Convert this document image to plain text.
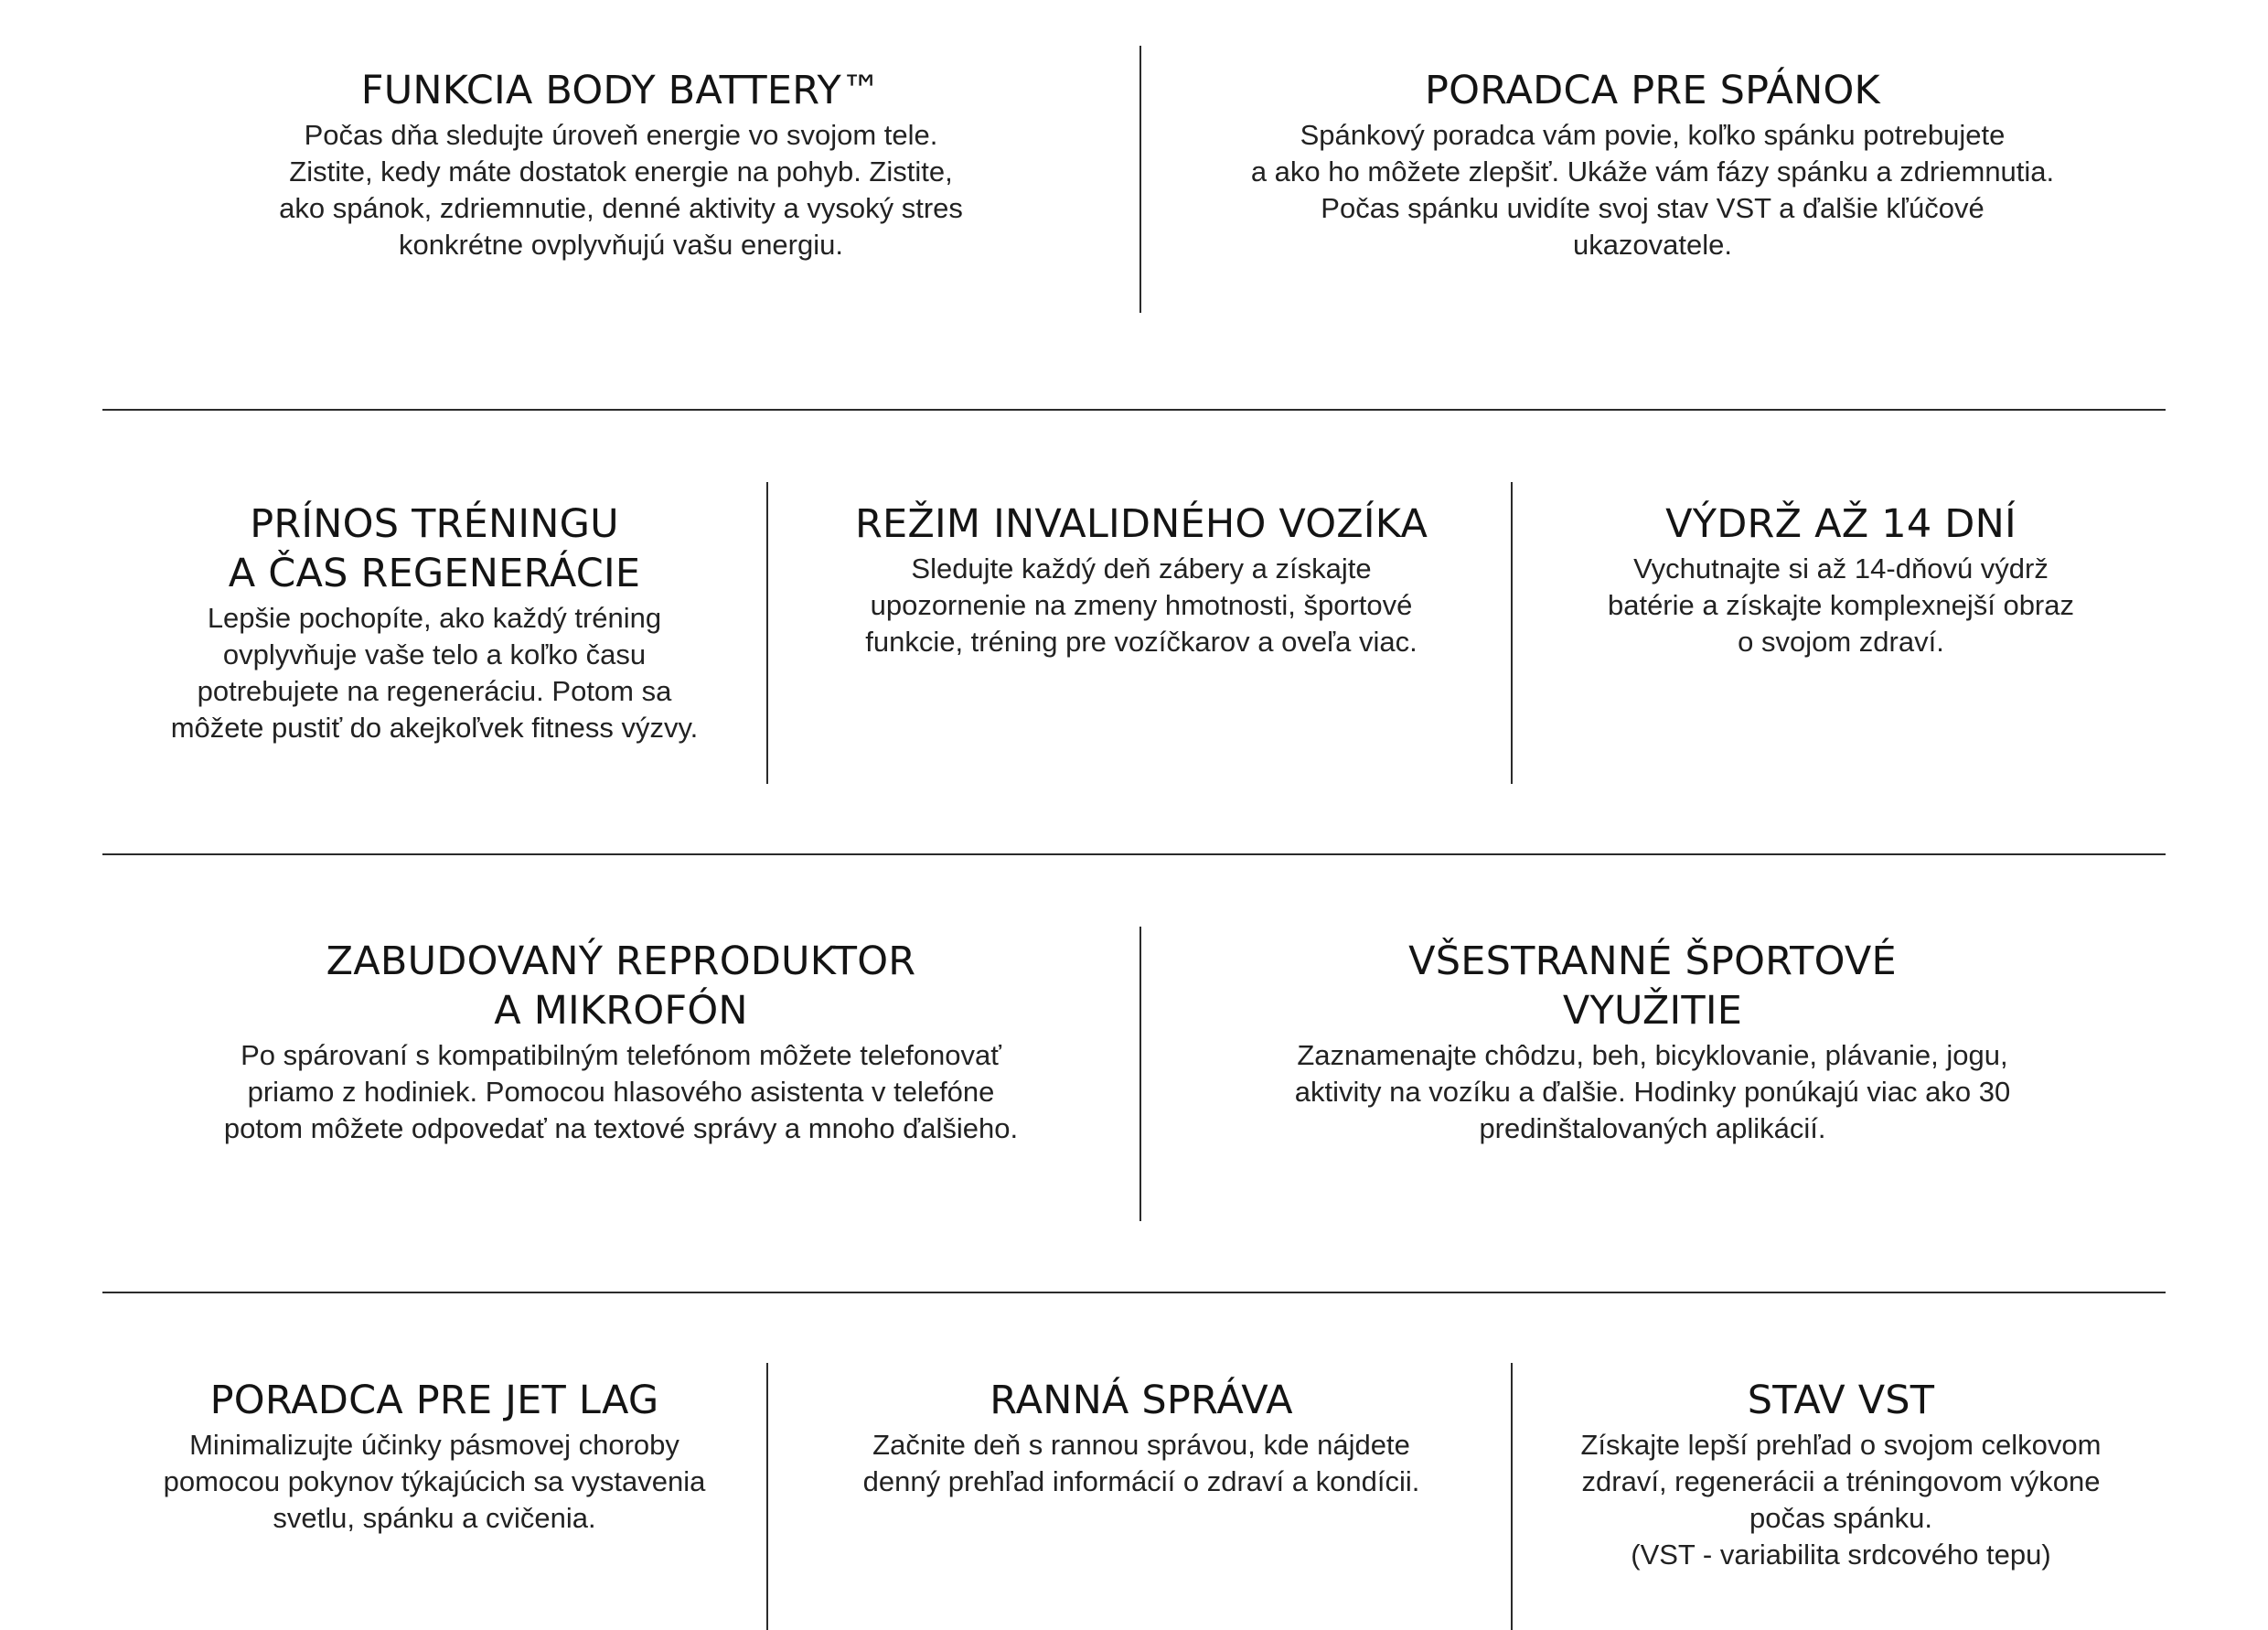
FUNKCIA BODY BATTERY™

Počas dňa sledujte úroveň energie vo svojom tele.
Zistite, kedy máte dostatok energie na pohyb. Zistite,
ako spánok, zdriemnutie, denné aktivity a vysoký stres
konkrétne ovplyvňujú vašu energiu.

PORADCA PRE SPÁNOK

Spánkový poradca vám povie, koľko spánku potrebujete
a ako ho môžete zlepšiť. Ukáže vám fázy spánku a zdriemnutia.
Počas spánku uvidíte svoj stav VST a ďalšie kľúčové
ukazovatele.

PRÍNOS TRÉNINGU
A ČAS REGENERÁCIE

Lepšie pochopíte, ako každý tréning
ovplyvňuje vaše telo a koľko času
potrebujete na regeneráciu. Potom sa
môžete pustiť do akejkoľvek fitness výzvy.

REŽIM INVALIDNÉHO VOZÍKA

Sledujte každý deň zábery a získajte
upozornenie na zmeny hmotnosti, športové
funkcie, tréning pre vozíčkarov a oveľa viac.

VÝDRŽ AŽ 14 DNÍ

Vychutnajte si až 14-dňovú výdrž
batérie a získajte komplexnejší obraz
o svojom zdraví.

ZABUDOVANÝ REPRODUKTOR
A MIKROFÓN

Po spárovaní s kompatibilným telefónom môžete telefonovať
priamo z hodiniek. Pomocou hlasového asistenta v telefóne
potom môžete odpovedať na textové správy a mnoho ďalšieho.

VŠESTRANNÉ ŠPORTOVÉ
VYUŽITIE

Zaznamenajte chôdzu, beh, bicyklovanie, plávanie, jogu,
aktivity na vozíku a ďalšie. Hodinky ponúkajú viac ako 30
predinštalovaných aplikácií.

PORADCA PRE JET LAG

Minimalizujte účinky pásmovej choroby
pomocou pokynov týkajúcich sa vystavenia
svetlu, spánku a cvičenia.

RANNÁ SPRÁVA

Začnite deň s rannou správou, kde nájdete
denný prehľad informácií o zdraví a kondícii.

STAV VST

Získajte lepší prehľad o svojom celkovom
zdraví, regenerácii a tréningovom výkone
počas spánku.
(VST - variabilita srdcového tepu)
